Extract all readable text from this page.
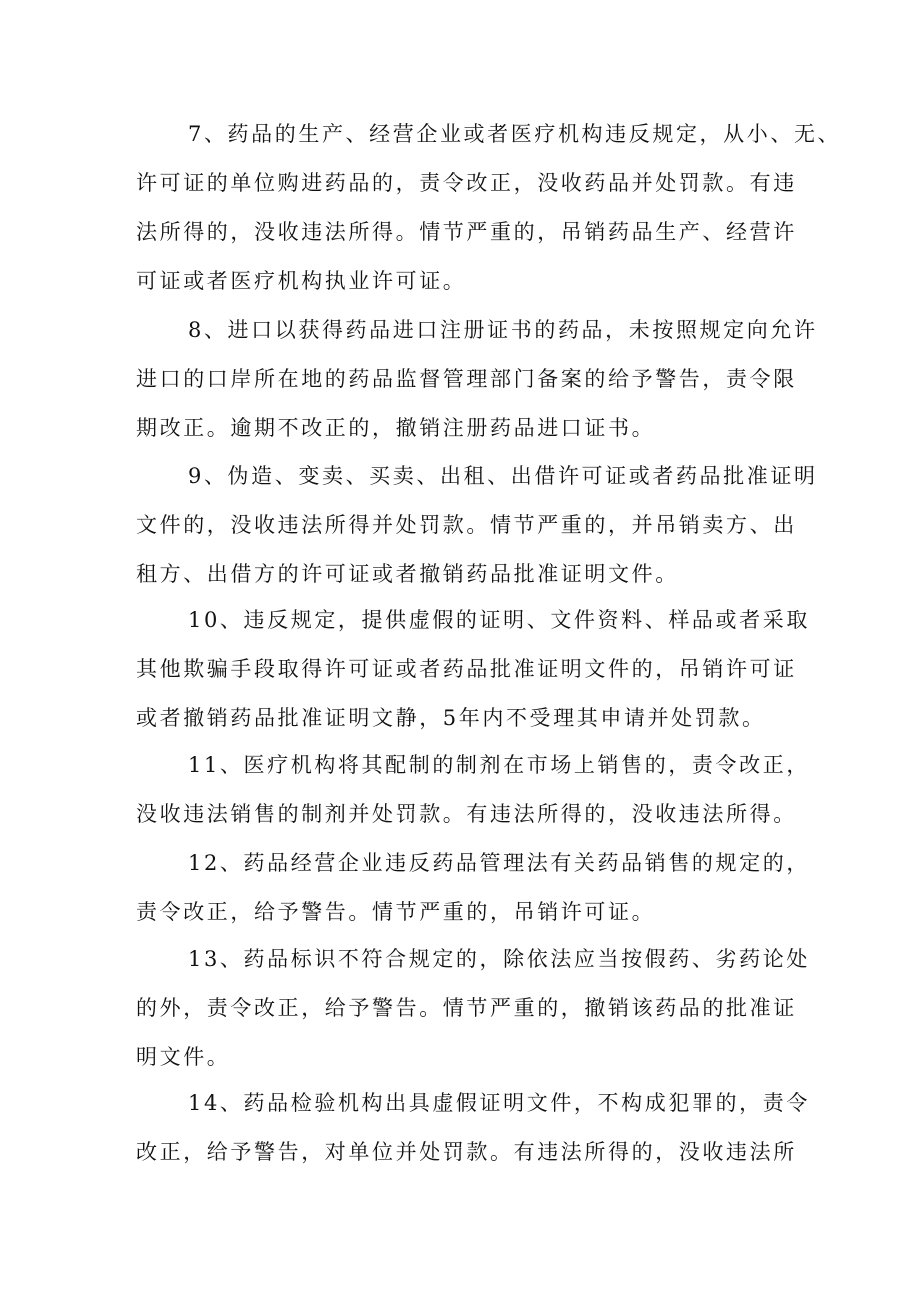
7、药品的生产、经营企业或者医疗机构违反规定，从小、无、
许可证的单位购进药品的，责令改正，没收药品并处罚款。有违
法所得的，没收违法所得。情节严重的，吊销药品生产、经营许
可证或者医疗机构执业许可证。
8、进口以获得药品进口注册证书的药品，未按照规定向允许
进口的口岸所在地的药品监督管理部门备案的给予警告，责令限
期改正。逾期不改正的，撤销注册药品进口证书。
9、伪造、变卖、买卖、出租、出借许可证或者药品批准证明
文件的，没收违法所得并处罚款。情节严重的，并吊销卖方、出
租方、出借方的许可证或者撤销药品批准证明文件。
10、违反规定，提供虚假的证明、文件资料、样品或者采取
其他欺骗手段取得许可证或者药品批准证明文件的，吊销许可证
或者撤销药品批准证明文静，5年内不受理其申请并处罚款。
11、医疗机构将其配制的制剂在市场上销售的，责令改正，
没收违法销售的制剂并处罚款。有违法所得的，没收违法所得。
12、药品经营企业违反药品管理法有关药品销售的规定的，
责令改正，给予警告。情节严重的，吊销许可证。
13、药品标识不符合规定的，除依法应当按假药、劣药论处
的外，责令改正，给予警告。情节严重的，撤销该药品的批准证
明文件。
14、药品检验机构出具虚假证明文件，不构成犯罪的，责令
改正，给予警告，对单位并处罚款。有违法所得的，没收违法所
